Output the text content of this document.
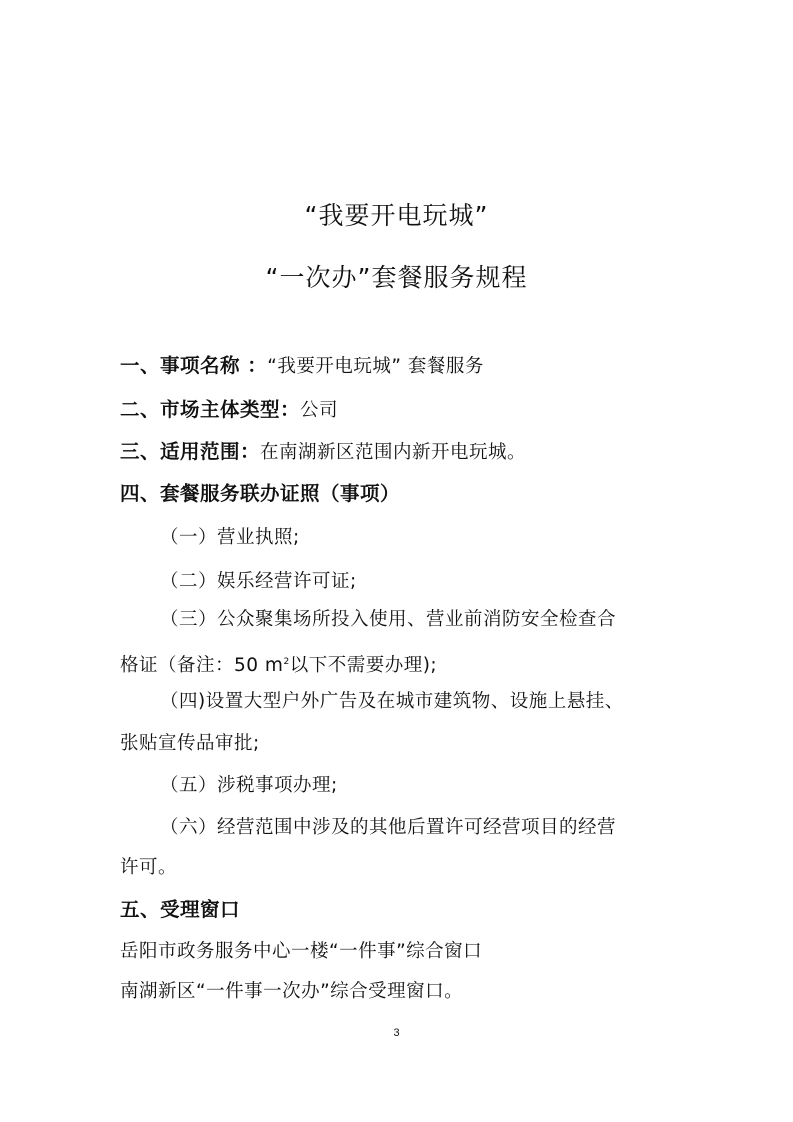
“我要开电玩城”
“一次办”套餐服务规程
一、事项名称 ：“我要开电玩城” 套餐服务
二、市场主体类型：公司
三、适用范围：在南湖新区范围内新开电玩城。
四、套餐服务联办证照（事项）
（一）营业执照;
（二）娱乐经营许可证;
（三）公众聚集场所投入使用、营业前消防安全检查合
格证（备注：50 $m^2$以下不需要办理);
（四)设置大型户外广告及在城市建筑物、设施上悬挂、
张贴宣传品审批;
（五）涉税事项办理;
（六）经营范围中涉及的其他后置许可经营项目的经营
许可。
五、受理窗口
岳阳市政务服务中心一楼“一件事”综合窗口
南湖新区“一件事一次办”综合受理窗口。
3
